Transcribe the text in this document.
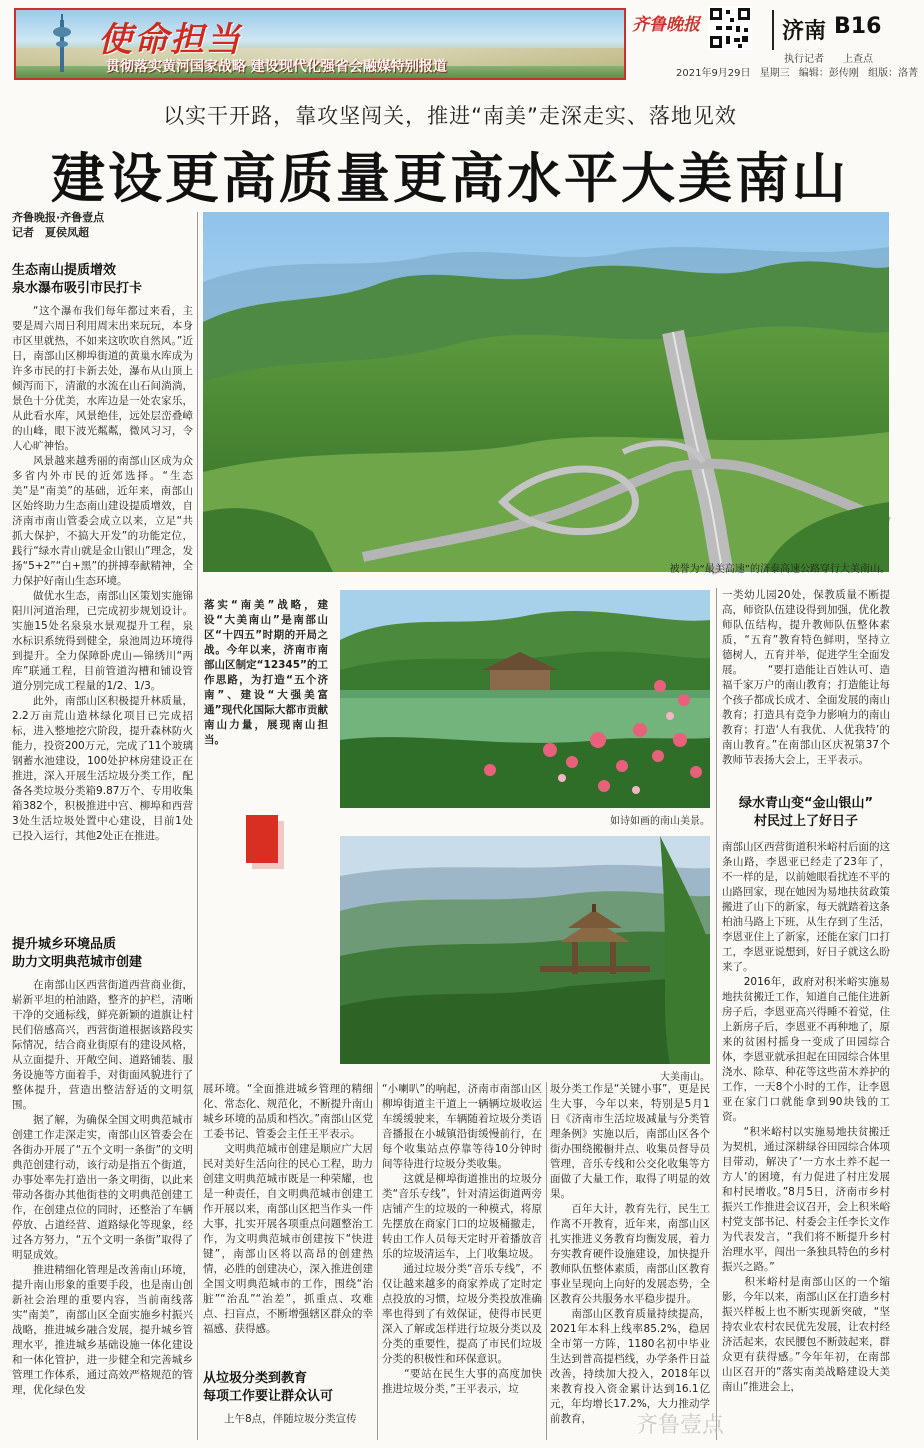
使命担当
贯彻落实黄河国家战略 建设现代化强省会融媒特别报道
齐鲁晚报	济南 B16
执行记者 上查点
2021年9月29日 星期三 编辑：彭传刚 组版：洛菁
以实干开路，靠攻坚闯关，推进“南美”走深走实、落地见效
建设更高质量更高水平大美南山
齐鲁晚报·齐鲁壹点
记者　夏侯凤超
生态南山提质增效
泉水瀑布吸引市民打卡

“这个瀑布我们每年都过来看，主要是周六周日利用周末出来玩玩，本身市区里就热，不如来这吹吹自然风。”近日，南部山区柳埠街道的黄巢水库成为许多市民的打卡新去处，瀑布从山顶上倾泻而下，清澈的水流在山石间淌淌，景色十分优美，水库边是一处农家乐，从此看水库，风景绝佳，远处层峦叠嶂的山峰，眼下波光粼粼，微风习习，令人心旷神怡。

风景越来越秀丽的南部山区成为众多省内外市民的近郊选择。“生态美”是“南美”的基础，近年来，南部山区始终助力生态南山建设提质增效，自济南市南山管委会成立以来，立足“共抓大保护，不搞大开发”的功能定位，践行“绿水青山就是金山银山”理念，发扬“5+2”“白+黑”的拼搏奉献精神，全力保护好南山生态环境。

做优水生态，南部山区策划实施锦阳川河道治理，已完成初步规划设计。实施15处名泉泉水景观提升工程，泉水标识系统得到健全，泉池周边环境得到提升。全力保障卧虎山—锦绣川“两库”联通工程，目前管道沟槽和铺设管道分别完成工程量的1/2、1/3。

此外，南部山区积极提升林质量，2.2万亩荒山造林绿化项目已完成招标，进入整地挖穴阶段，提升森林防火能力，投资200万元，完成了11个玻璃钢蓄水池建设，100处护林房建设正在推进，深入开展生活垃圾分类工作，配备各类垃圾分类箱9.87万个、专用收集箱382个，积极推进中宫、柳埠和西营3处生活垃圾处置中心建设，目前1处已投入运行，其他2处正在推进。

提升城乡环境品质
助力文明典范城市创建

在南部山区西营街道西营商业街，崭新平坦的柏油路，整齐的护栏，清晰干净的交通标线，鲜亮新颖的道旗让村民们倍感高兴，西营街道根据该路段实际情况，结合商业街原有的建设风格，从立面提升、开敞空间、道路铺装、服务设施等方面着手，对街面风貌进行了整体提升，营造出整洁舒适的文明氛围。

据了解，为确保全国文明典范城市创建工作走深走实，南部山区管委会在各街办开展了“五个文明一条街”的文明典范创建行动，该行动是指五个街道，办事处率先打造出一条文明街，以此来带动各街办其他街巷的文明典范创建工作，在创建点位的同时，还整治了车辆停放、占道经营、道路绿化等现象，经过各方努力，“五个文明一条街”取得了明显成效。

推进精细化管理是改善南山环境，提升南山形象的重要手段，也是南山创新社会治理的重要内容，当前南线落实“南美”，南部山区全面实施乡村振兴战略，推进城乡融合发展，提升城乡管理水平，推进城乡基础设施一体化建设和一体化管护，进一步健全和完善城乡管理工作体系，通过高效严格规范的管理，优化绿色发

被誉为“最美高速”的济泰高速公路穿行大美南山。
落实“南美”战略，建设“大美南山”是南部山区“十四五”时期的开局之战。今年以来，济南市南部山区制定“12345”的工作思路，为打造“五个济南”、建设“大强美富通”现代化国际大都市贡献南山力量，展现南山担当。
如诗如画的南山美景。
大美南山。
一类幼儿园20处，保教质量不断提高，师资队伍建设得到加强，优化教师队伍结构，提升教师队伍整体素质，“五育”教育特色鲜明，坚持立德树人，五育并举，促进学生全面发展。 　　“要打造能让百姓认可、造福千家万户的南山教育；打造能让每个孩子都成长成才、全面发展的南山教育；打造具有竞争力影响力的南山教育；打造‘人有我优、人优我特’的南山教育。”在南部山区庆祝第37个教师节表扬大会上，王平表示。
绿水青山变“金山银山”
村民过上了好日子
南部山区西营街道积米峪村后面的这条山路，李恩亚已经走了23年了，不一样的是，以前她眼看扰连不平的山路回家，现在她因为易地扶贫政策搬进了山下的新家，每天就踏着这条柏油马路上下班，从生存到了生活，李恩亚住上了新家，还能在家门口打工，李恩亚说想到，好日子就这么盼来了。
　　2016年，政府对积米峪实施易地扶贫搬迁工作，知道自己能住进新房子后，李恩亚高兴得睡不着觉，住上新房子后，李恩亚不再种地了，原来的贫困村摇身一变成了田园综合体，李恩亚就承担起在田园综合体里浇水、除草、种花等这些苗木养护的工作，一天8个小时的工作，让李恩亚在家门口就能拿到90块钱的工资。
　　“积米峪村以实施易地扶贫搬迁为契机，通过深耕绿谷田园综合体项目带动，解决了‘一方水土养不起一方人’的困境，有力促进了村庄发展和村民增收。”8月5日，济南市乡村振兴工作推进会议召开，会上积米峪村党支部书记、村委会主任李长文作为代表发言，“我们将不断提升乡村治理水平，闯出一条独具特色的乡村振兴之路。”
　　积米峪村是南部山区的一个缩影，今年以来，南部山区在打造乡村振兴样板上也不断实现新突破，“坚持农业农村农民优先发展，让农村经济活起来，农民腰包不断鼓起来，群众更有获得感。”今年年初，在南部山区召开的“落实南美战略建设大美南山”推进会上，
展环境。“全面推进城乡管理的精细化、常态化、规范化，不断提升南山城乡环境的品质和档次。”南部山区党工委书记、管委会主任王平表示。
　　文明典范城市创建是顺应广大居民对美好生活向往的民心工程，助力创建文明典范城市既是一种荣耀，也是一种责任，自文明典范城市创建工作开展以来，南部山区把当作头一件大事，扎实开展各项重点问题整治工作，为文明典范城市创建按下“快进键”，南部山区将以高昂的创建热情，必胜的创建决心，深入推进创建全国文明典范城市的工作，围绕“治脏”“治乱”“治差”，抓重点、攻难点、扫盲点，不断增强辖区群众的幸福感、获得感。
从垃圾分类到教育
每项工作要让群众认可
上午8点，伴随垃圾分类宣传
“小喇叭”的响起，济南市南部山区柳埠街道主干道上一辆辆垃圾收运车缓缓驶来，车辆随着垃圾分类语音播报在小城镇沿街缓慢前行，在每个收集站点停靠等待10分钟时间等待进行垃圾分类收集。
　　这就是柳埠街道推出的垃圾分类“音乐专线”，针对清运街道两旁店铺产生的垃圾的一种模式，将原先摆放在商家门口的垃圾桶撤走，转由工作人员每天定时开着播放音乐的垃圾清运车，上门收集垃圾。
　　通过垃圾分类“音乐专线”，不仅让越来越多的商家养成了定时定点投放的习惯，垃圾分类投放准确率也得到了有效保证，使得市民更深入了解或怎样进行垃圾分类以及分类的重要性，提高了市民们垃圾分类的积极性和环保意识。
　　“要站在民生大事的高度加快推进垃圾分类，”王平表示，垃
圾分类工作是“关键小事”，更是民生大事，今年以来，特别是5月1日《济南市生活垃圾减量与分类管理条例》实施以后，南部山区各个街办围绕搬橱井点、收集员督导员管理，音乐专线和公交化收集等方面做了大量工作，取得了明显的效果。
　　百年大计，教育先行，民生工作离不开教育，近年来，南部山区扎实推进义务教育均衡发展，着力夯实教育硬件设施建设，加快提升教师队伍整体素质，南部山区教育事业呈现向上向好的发展态势，全区教育公共服务水平稳步提升。
　　南部山区教育质量持续提高，2021年本科上线率85.2%，稳居全市第一方阵，1180名初中毕业生达到普高提档线，办学条件日益改善，持续加大投入，2018年以来教育投入资金累计达到16.1亿元，年均增长17.2%，大力推动学前教育，	齐鲁壹点
